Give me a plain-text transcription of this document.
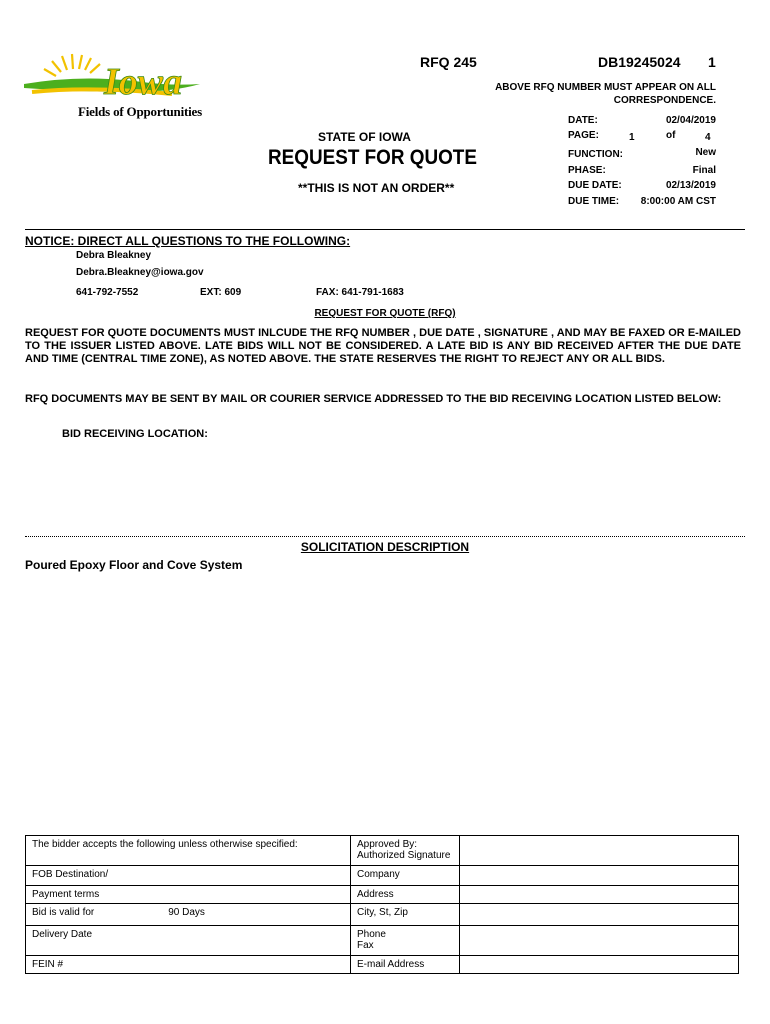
Iowa
Fields of Opportunities
RFQ 245	DB19245024 1
ABOVE RFQ NUMBER MUST APPEAR ON ALL CORRESPONDENCE.
STATE OF IOWA
REQUEST FOR QUOTE
**THIS IS NOT AN ORDER**
DATE:	02/04/2019
PAGE:	1	of	4
FUNCTION:	New
PHASE:	Final
DUE DATE:	02/13/2019
DUE TIME:	8:00:00 AM CST
NOTICE: DIRECT ALL QUESTIONS TO THE FOLLOWING:
Debra Bleakney
Debra.Bleakney@iowa.gov
641-792-7552	EXT: 609	FAX: 641-791-1683
REQUEST FOR QUOTE (RFQ)
REQUEST FOR QUOTE DOCUMENTS MUST INLCUDE THE RFQ NUMBER , DUE DATE , SIGNATURE , AND MAY BE FAXED OR E-MAILED TO THE ISSUER LISTED ABOVE. LATE BIDS WILL NOT BE CONSIDERED. A LATE BID IS ANY BID RECEIVED AFTER THE DUE DATE AND TIME (CENTRAL TIME ZONE), AS NOTED ABOVE. THE STATE RESERVES THE RIGHT TO REJECT ANY OR ALL BIDS.
RFQ DOCUMENTS MAY BE SENT BY MAIL OR COURIER SERVICE ADDRESSED TO THE BID RECEIVING LOCATION LISTED BELOW:
BID RECEIVING LOCATION:
SOLICITATION DESCRIPTION
Poured Epoxy Floor and Cove System
The bidder accepts the following unless otherwise specified:	Approved By:
Authorized Signature	

FOB Destination/	Company	
Payment terms	Address	
Bid is valid for 90 Days	City, St, Zip	
Delivery Date	Phone
Fax	

FEIN #	E-mail Address	
